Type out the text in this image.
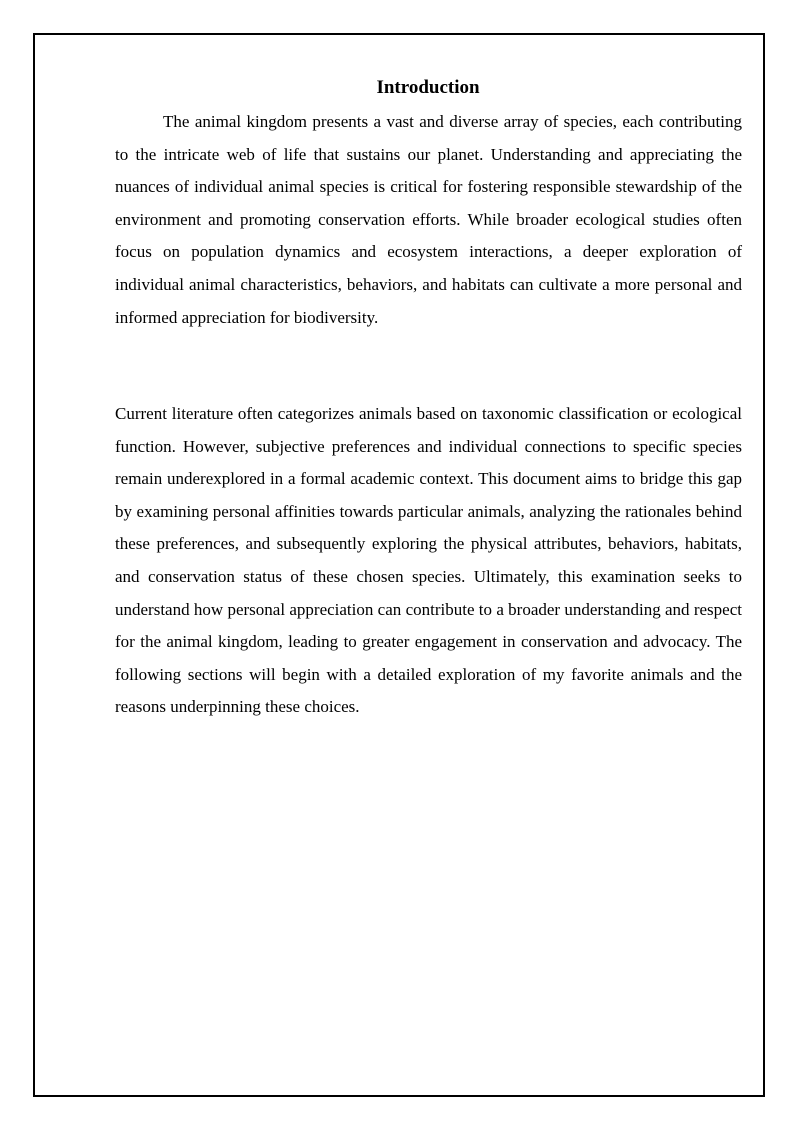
Introduction

The animal kingdom presents a vast and diverse array of species, each contributing to the intricate web of life that sustains our planet. Understanding and appreciating the nuances of individual animal species is critical for fostering responsible stewardship of the environment and promoting conservation efforts. While broader ecological studies often focus on population dynamics and ecosystem interactions, a deeper exploration of individual animal characteristics, behaviors, and habitats can cultivate a more personal and informed appreciation for biodiversity.

Current literature often categorizes animals based on taxonomic classification or ecological function. However, subjective preferences and individual connections to specific species remain underexplored in a formal academic context. This document aims to bridge this gap by examining personal affinities towards particular animals, analyzing the rationales behind these preferences, and subsequently exploring the physical attributes, behaviors, habitats, and conservation status of these chosen species. Ultimately, this examination seeks to understand how personal appreciation can contribute to a broader understanding and respect for the animal kingdom, leading to greater engagement in conservation and advocacy. The following sections will begin with a detailed exploration of my favorite animals and the reasons underpinning these choices.
